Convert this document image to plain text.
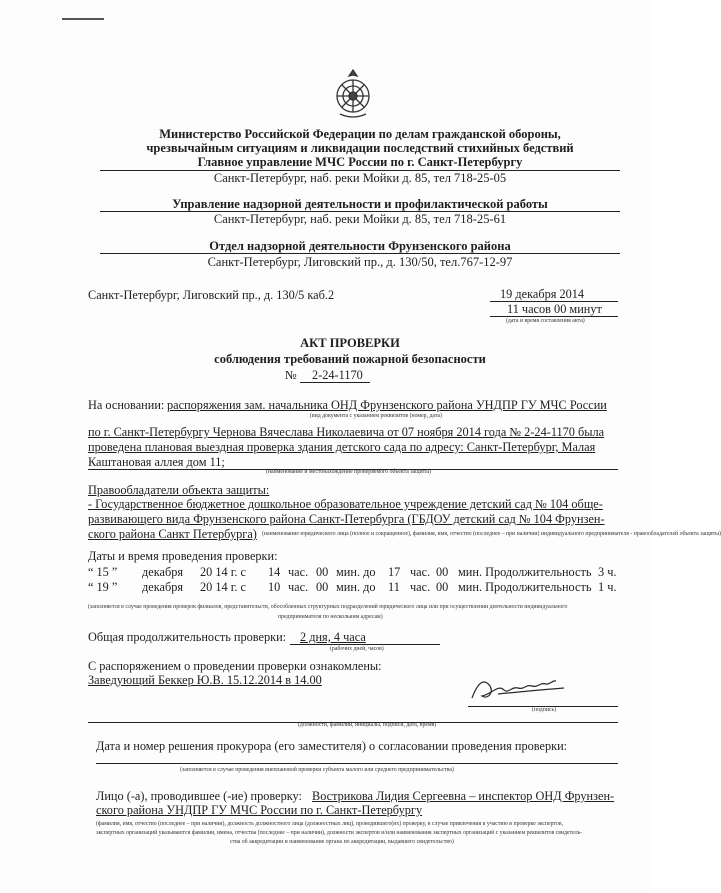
Министерство Российской Федерации по делам гражданской обороны,
чрезвычайным ситуациям и ликвидации последствий стихийных бедствий
Главное управление МЧС России по г. Санкт-Петербургу
Санкт-Петербург, наб. реки Мойки д. 85, тел 718-25-05
Управление надзорной деятельности и профилактической работы
Санкт-Петербург, наб. реки Мойки д. 85, тел 718-25-61
Отдел надзорной деятельности Фрунзенского района
Санкт-Петербург, Лиговский пр., д. 130/50, тел.767-12-97
Санкт-Петербург, Лиговский пр., д. 130/5 каб.2	19 декабря 2014
11 часов 00 минут
(дата и время составления акта)
АКТ ПРОВЕРКИ
соблюдения требований пожарной безопасности
№ 2-24-1170
На основании: распоряжения зам. начальника ОНД Фрунзенского района УНДПР ГУ МЧС России
(вид документа с указанием реквизитов (номер, дата)
по г. Санкт-Петербургу Чернова Вячеслава Николаевича от 07 ноября 2014 года № 2-24-1170 была
проведена плановая выездная проверка здания детского сада по адресу: Санкт-Петербург, Малая
Каштановая аллея дом 11;
(наименование и местонахождение проверяемого объекта защиты)
Правообладатели объекта защиты:
- Государственное бюджетное дошкольное образовательное учреждение детский сад № 104 обще-
развивающего вида Фрунзенского района Санкт-Петербурга (ГБДОУ детский сад № 104 Фрунзен-
ского района Санкт Петербурга) (наименование юридического лица (полное и сокращенное), фамилия, имя, отчество (последнее – при наличии) индивидуального предпринимателя - правообладателей объекта защиты)
Даты и время проведения проверки:
“ 15 ” декабря 20 14 г. с 14 час. 00 мин. до 17 час. 00 мин. Продолжительность 3 ч.
“ 19 ” декабря 20 14 г. с 10 час. 00 мин. до 11 час. 00 мин. Продолжительность 1 ч.
(заполняется в случае проведения проверок филиалов, представительств, обособленных структурных подразделений юридического лица или при осуществлении деятельности индивидуального
предпринимателя по нескольким адресам)
Общая продолжительность проверки: 2 дня, 4 часа
(рабочих дней, часов)
С распоряжением о проведении проверки ознакомлены:
Заведующий Беккер Ю.В. 15.12.2014 в 14.00
(подпись)
(должности, фамилии, инициалы, подписи, дата, время)
Дата и номер решения прокурора (его заместителя) о согласовании проведения проверки:
(заполняется в случае проведения внеплановой проверки субъекта малого или среднего предпринимательства)
Лицо (-а), проводившее (-ие) проверку: Вострикова Лидия Сергеевна – инспектор ОНД Фрунзен-
ского района УНДПР ГУ МЧС России по г. Санкт-Петербургу
(фамилия, имя, отчество (последнее – при наличии), должность должностного лица (должностных лиц), проводившего(их) проверку, в случае привлечения к участию в проверке экспертов,
экспертных организаций указываются фамилии, имена, отчества (последнее – при наличии), должности экспертов и/или наименования экспертных организаций с указанием реквизитов свидетель-
ства об аккредитации и наименование органа по аккредитации, выдавшего свидетельство)
